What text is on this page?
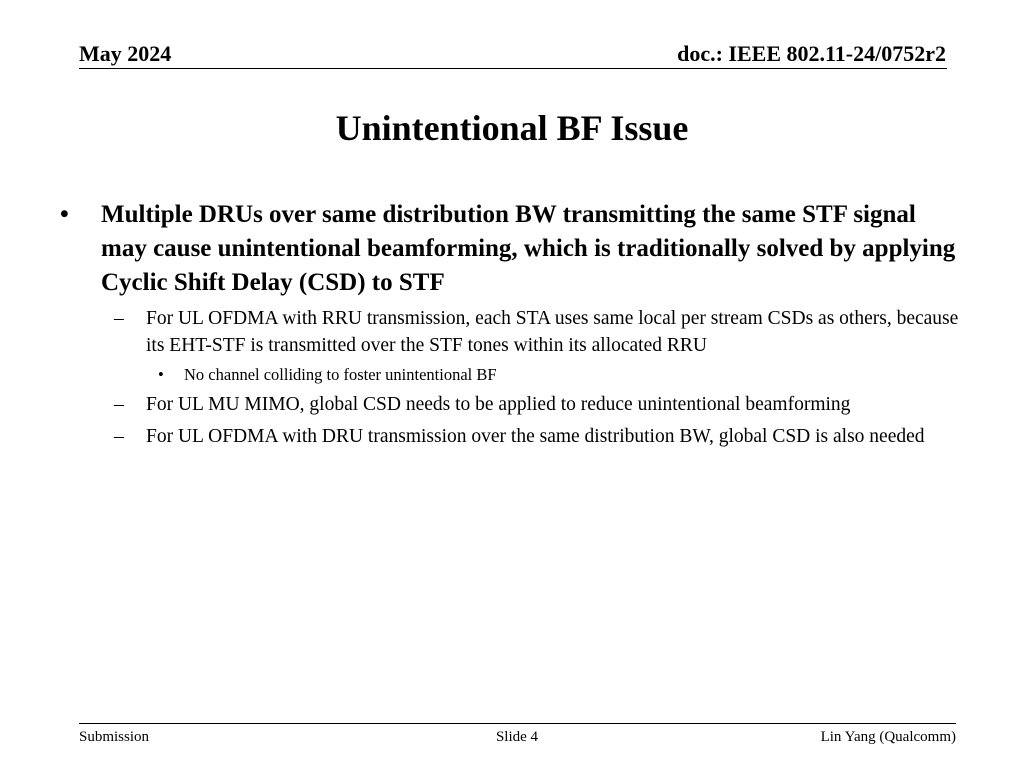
May 2024	doc.: IEEE 802.11-24/0752r2
Unintentional BF Issue
• Multiple DRUs over same distribution BW transmitting the same STF signal may cause unintentional beamforming, which is traditionally solved by applying Cyclic Shift Delay (CSD) to STF
– For UL OFDMA with RRU transmission, each STA uses same local per stream CSDs as others, because its EHT-STF is transmitted over the STF tones within its allocated RRU
• No channel colliding to foster unintentional BF
– For UL MU MIMO, global CSD needs to be applied to reduce unintentional beamforming
– For UL OFDMA with DRU transmission over the same distribution BW, global CSD is also needed
Submission	Slide 4	Lin Yang (Qualcomm)
